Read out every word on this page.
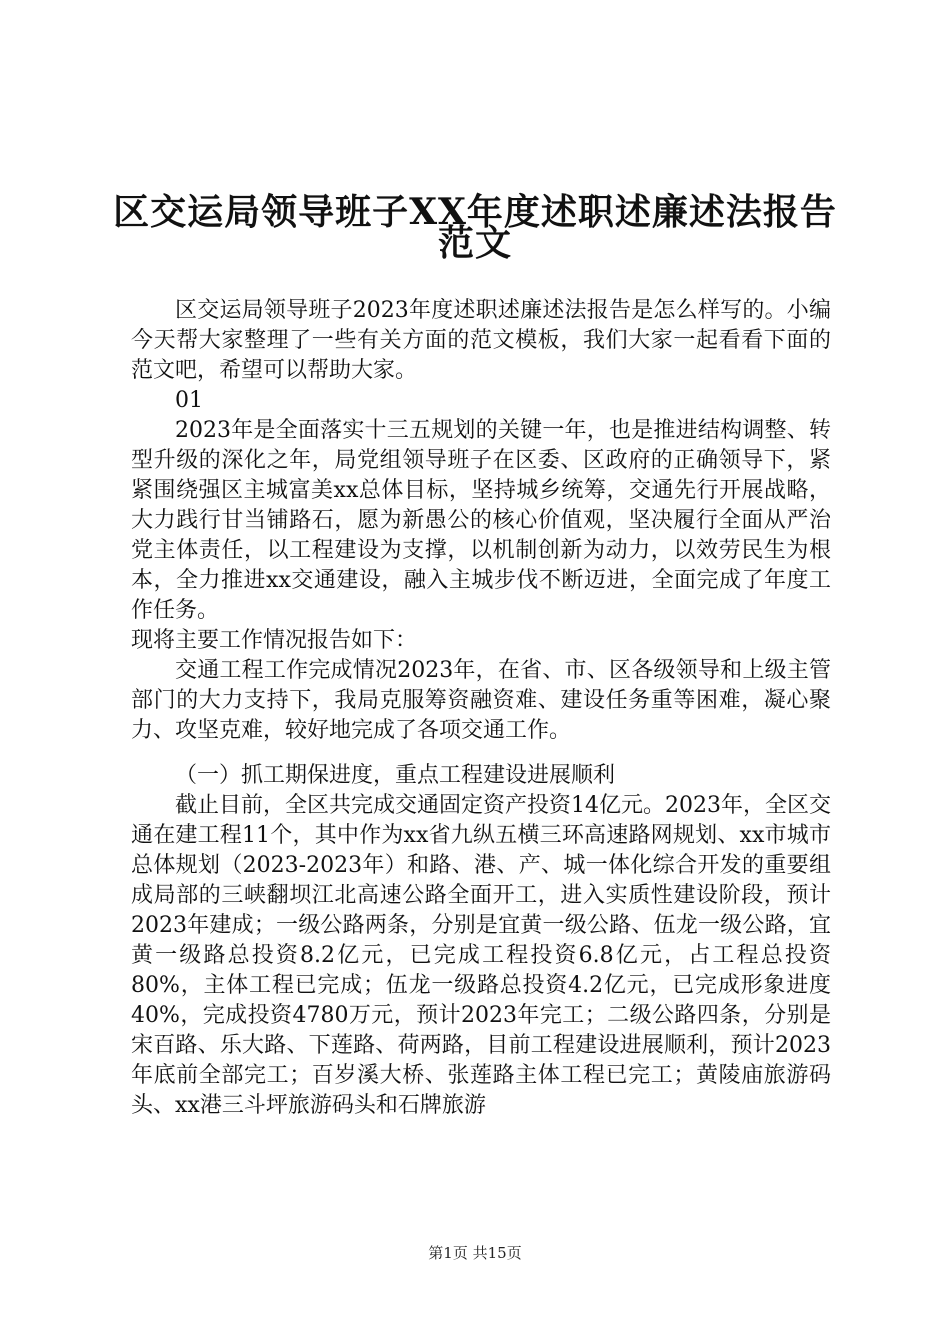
区交运局领导班子XX年度述职述廉述法报告
范文

区交运局领导班子2023年度述职述廉述法报告是怎么样写的。小编今天帮大家整理了一些有关方面的范文模板，我们大家一起看看下面的范文吧，希望可以帮助大家。

01

2023年是全面落实十三五规划的关键一年，也是推进结构调整、转型升级的深化之年，局党组领导班子在区委、区政府的正确领导下，紧紧围绕强区主城富美xx总体目标，坚持城乡统筹，交通先行开展战略，大力践行甘当铺路石，愿为新愚公的核心价值观，坚决履行全面从严治党主体责任，以工程建设为支撑，以机制创新为动力，以效劳民生为根本，全力推进xx交通建设，融入主城步伐不断迈进，全面完成了年度工作任务。

现将主要工作情况报告如下：

交通工程工作完成情况2023年，在省、市、区各级领导和上级主管部门的大力支持下，我局克服筹资融资难、建设任务重等困难，凝心聚力、攻坚克难，较好地完成了各项交通工作。

（一）抓工期保进度，重点工程建设进展顺利

截止目前，全区共完成交通固定资产投资14亿元。2023年，全区交通在建工程11个，其中作为xx省九纵五横三环高速路网规划、xx市城市总体规划（2023-2023年）和路、港、产、城一体化综合开发的重要组成局部的三峡翻坝江北高速公路全面开工，进入实质性建设阶段，预计2023年建成；一级公路两条，分别是宜黄一级公路、伍龙一级公路，宜黄一级路总投资8.2亿元，已完成工程投资6.8亿元，占工程总投资80%，主体工程已完成；伍龙一级路总投资4.2亿元，已完成形象进度40%，完成投资4780万元，预计2023年完工；二级公路四条，分别是宋百路、乐大路、下莲路、荷两路，目前工程建设进展顺利，预计2023年底前全部完工；百岁溪大桥、张莲路主体工程已完工；黄陵庙旅游码头、xx港三斗坪旅游码头和石牌旅游

第1页 共15页
